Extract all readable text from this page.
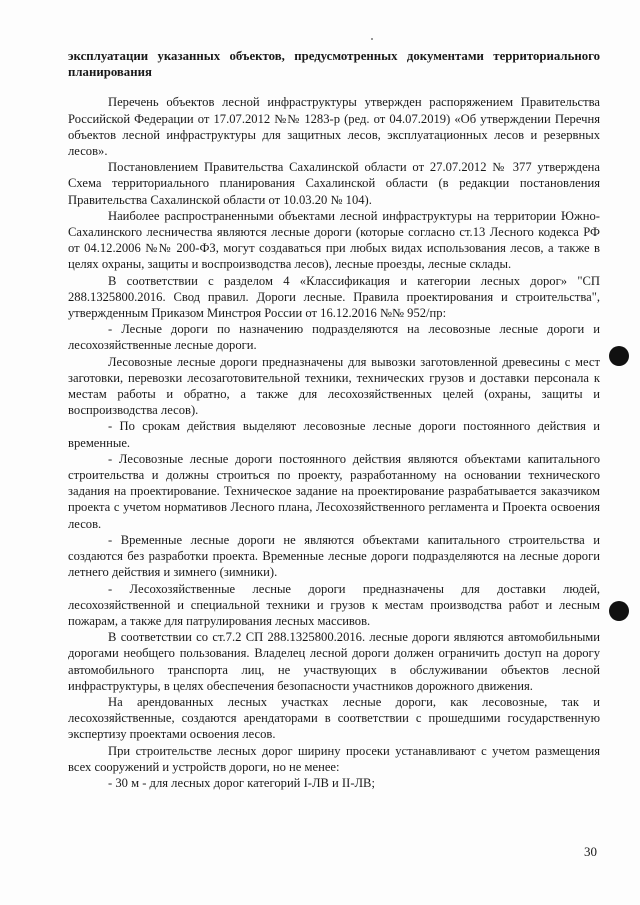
эксплуатации указанных объектов, предусмотренных документами территориального планирования

Перечень объектов лесной инфраструктуры утвержден распоряжением Правительства Российской Федерации от 17.07.2012 №№ 1283-р (ред. от 04.07.2019) «Об утверждении Перечня объектов лесной инфраструктуры для защитных лесов, эксплуатационных лесов и резервных лесов».

Постановлением Правительства Сахалинской области от 27.07.2012 № 377 утверждена Схема территориального планирования Сахалинской области (в редакции постановления Правительства Сахалинской области от 10.03.20 № 104).

Наиболее распространенными объектами лесной инфраструктуры на территории Южно-Сахалинского лесничества являются лесные дороги (которые согласно ст.13 Лесного кодекса РФ от 04.12.2006 №№ 200-ФЗ, могут создаваться при любых видах использования лесов, а также в целях охраны, защиты и воспроизводства лесов), лесные проезды, лесные склады.

В соответствии с разделом 4 «Классификация и категории лесных дорог» "СП 288.1325800.2016. Свод правил. Дороги лесные. Правила проектирования и строительства", утвержденным Приказом Минстроя России от 16.12.2016 №№ 952/пр:

- Лесные дороги по назначению подразделяются на лесовозные лесные дороги и лесохозяйственные лесные дороги.

Лесовозные лесные дороги предназначены для вывозки заготовленной древесины с мест заготовки, перевозки лесозаготовительной техники, технических грузов и доставки персонала к местам работы и обратно, а также для лесохозяйственных целей (охраны, защиты и воспроизводства лесов).

- По срокам действия выделяют лесовозные лесные дороги постоянного действия и временные.

- Лесовозные лесные дороги постоянного действия являются объектами капитального строительства и должны строиться по проекту, разработанному на основании технического задания на проектирование. Техническое задание на проектирование разрабатывается заказчиком проекта с учетом нормативов Лесного плана, Лесохозяйственного регламента и Проекта освоения лесов.

- Временные лесные дороги не являются объектами капитального строительства и создаются без разработки проекта. Временные лесные дороги подразделяются на лесные дороги летнего действия и зимнего (зимники).

- Лесохозяйственные лесные дороги предназначены для доставки людей, лесохозяйственной и специальной техники и грузов к местам производства работ и лесным пожарам, а также для патрулирования лесных массивов.

В соответствии со ст.7.2 СП 288.1325800.2016. лесные дороги являются автомобильными дорогами необщего пользования. Владелец лесной дороги должен ограничить доступ на дорогу автомобильного транспорта лиц, не участвующих в обслуживании объектов лесной инфраструктуры, в целях обеспечения безопасности участников дорожного движения.

На арендованных лесных участках лесные дороги, как лесовозные, так и лесохозяйственные, создаются арендаторами в соответствии с прошедшими государственную экспертизу проектами освоения лесов.

При строительстве лесных дорог ширину просеки устанавливают с учетом размещения всех сооружений и устройств дороги, но не менее:

- 30 м - для лесных дорог категорий I-ЛВ и II-ЛВ;

30
